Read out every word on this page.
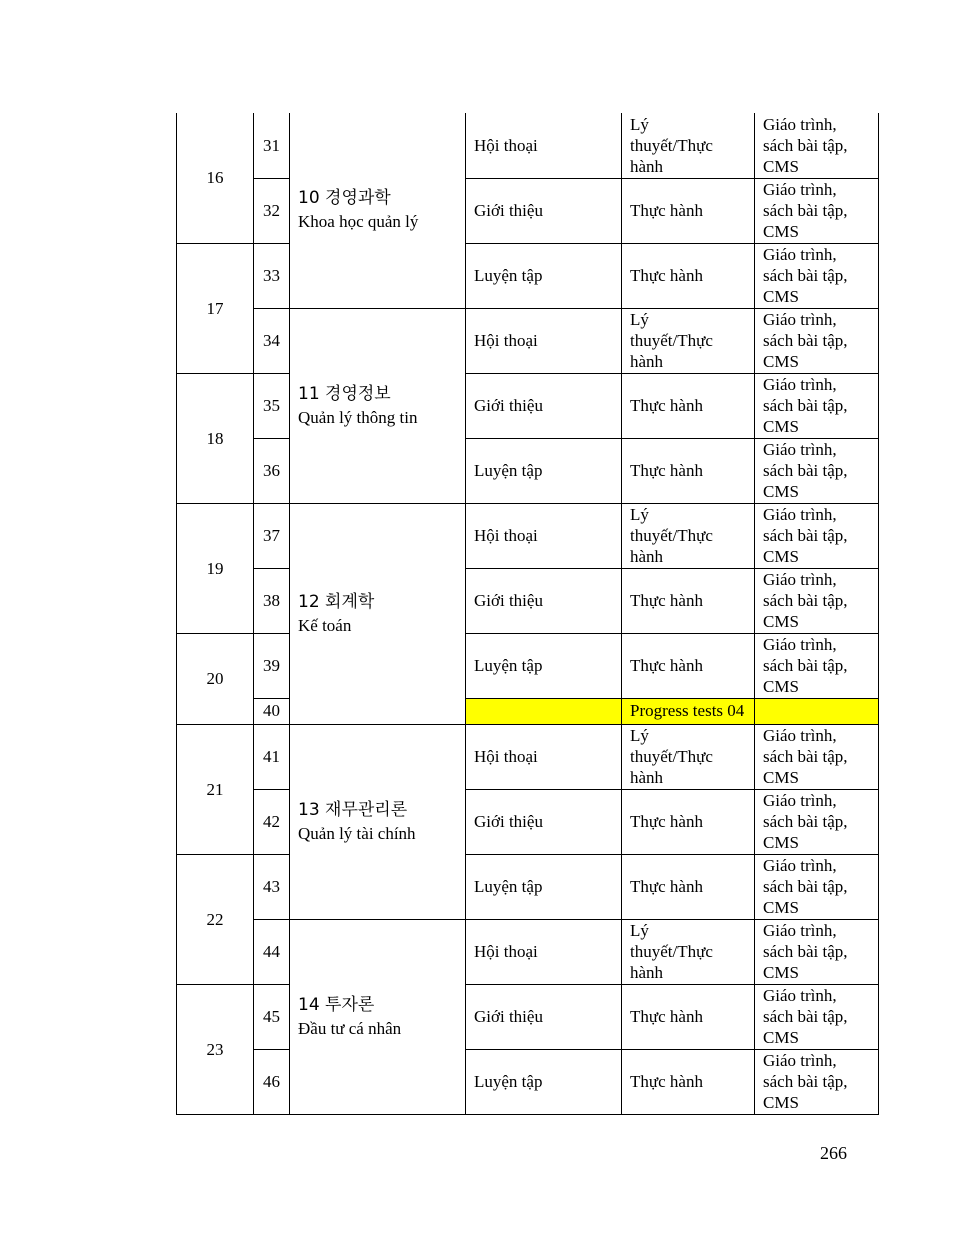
16	31	10 경영과학
Khoa học quản lý	Hội thoại	Lý
thuyết/Thực
hành	Giáo trình,
sách bài tập,
CMS	
	32		Giới thiệu	Thực hành	Giáo trình,
sách bài tập,
CMS	
17	33		Luyện tập	Thực hành	Giáo trình,
sách bài tập,
CMS	
	34	11 경영정보
Quản lý thông tin	Hội thoại	Lý
thuyết/Thực
hành	Giáo trình,
sách bài tập,
CMS	
18	35		Giới thiệu	Thực hành	Giáo trình,
sách bài tập,
CMS	
	36		Luyện tập	Thực hành	Giáo trình,
sách bài tập,
CMS	
19	37	12 회계학
Kế toán	Hội thoại	Lý
thuyết/Thực
hành	Giáo trình,
sách bài tập,
CMS	
	38		Giới thiệu	Thực hành	Giáo trình,
sách bài tập,
CMS	
20	39		Luyện tập	Thực hành	Giáo trình,
sách bài tập,
CMS	
	40			Progress tests 04		
21	41	13 재무관리론
Quản lý tài chính	Hội thoại	Lý
thuyết/Thực
hành	Giáo trình,
sách bài tập,
CMS	
	42		Giới thiệu	Thực hành	Giáo trình,
sách bài tập,
CMS	
22	43		Luyện tập	Thực hành	Giáo trình,
sách bài tập,
CMS	
	44	14 투자론
Đầu tư cá nhân	Hội thoại	Lý
thuyết/Thực
hành	Giáo trình,
sách bài tập,
CMS	
23	45		Giới thiệu	Thực hành	Giáo trình,
sách bài tập,
CMS	
	46		Luyện tập	Thực hành	Giáo trình,
sách bài tập,
CMS	
266
